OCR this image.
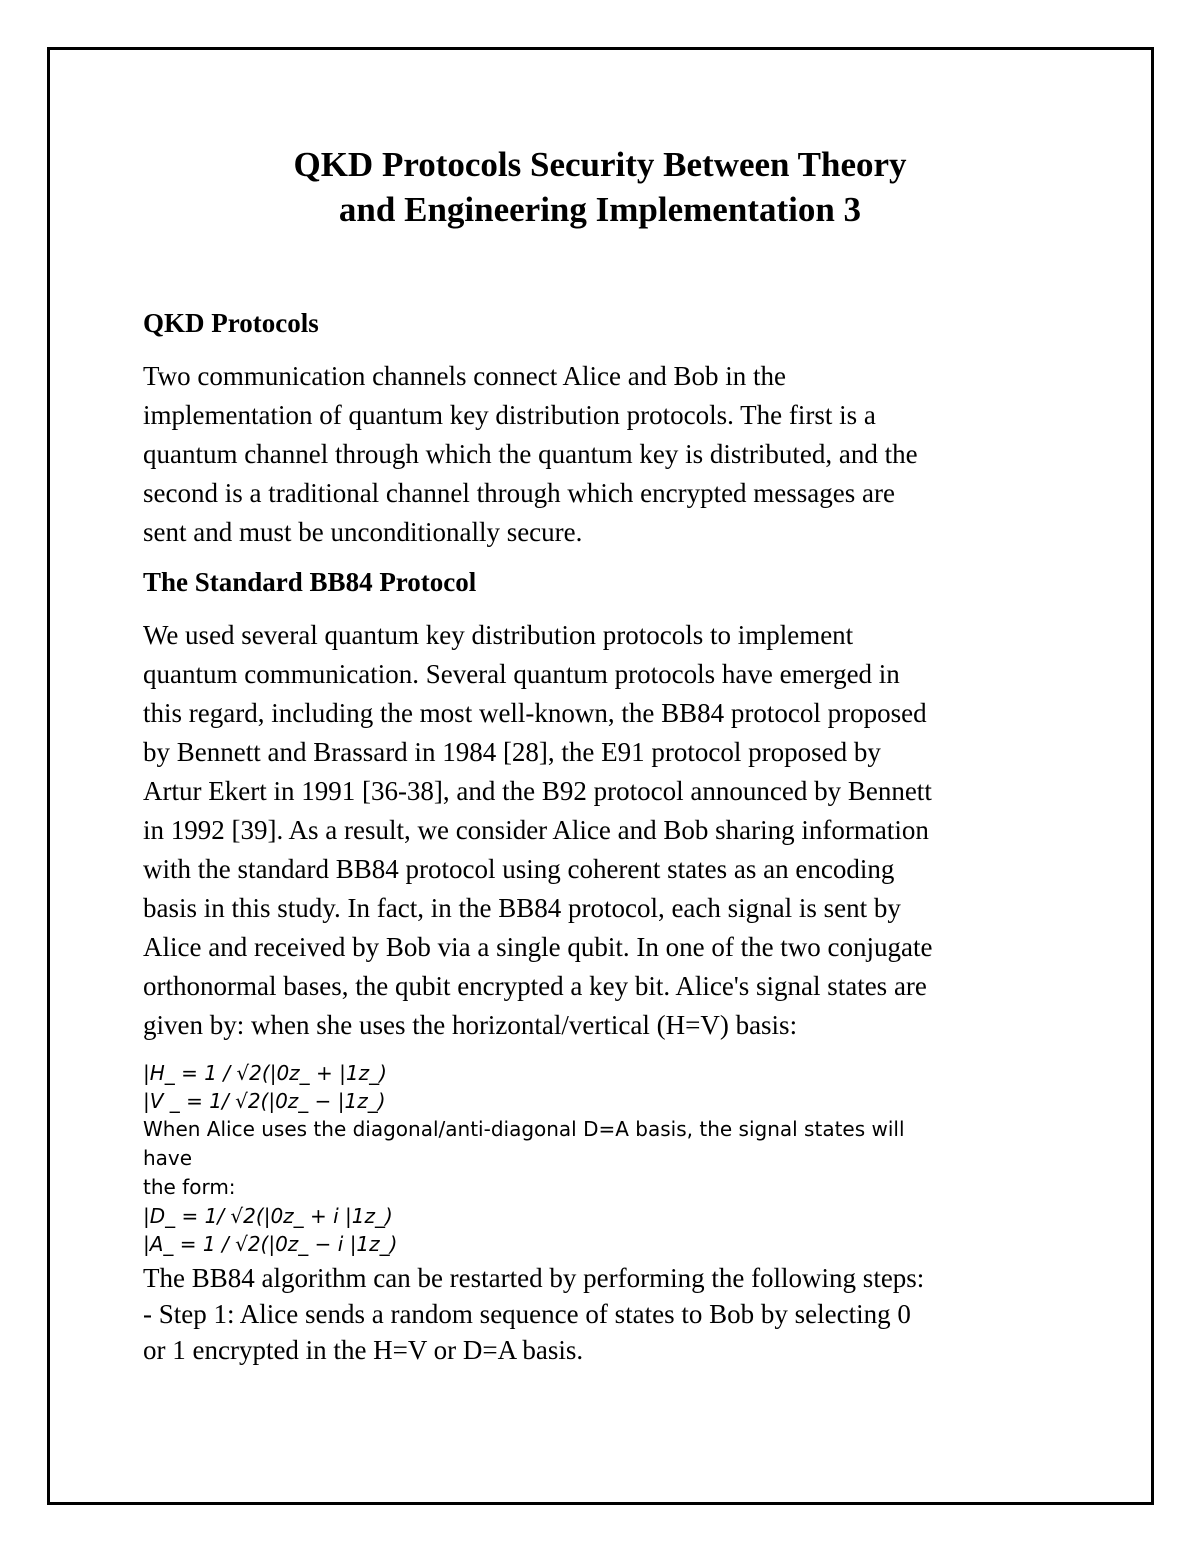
QKD Protocols Security Between Theory
and Engineering Implementation 3
QKD Protocols

Two communication channels connect Alice and Bob in the
implementation of quantum key distribution protocols. The first is a
quantum channel through which the quantum key is distributed, and the
second is a traditional channel through which encrypted messages are
sent and must be unconditionally secure.

The Standard BB84 Protocol

We used several quantum key distribution protocols to implement
quantum communication. Several quantum protocols have emerged in
this regard, including the most well-known, the BB84 protocol proposed
by Bennett and Brassard in 1984 [28], the E91 protocol proposed by
Artur Ekert in 1991 [36-38], and the B92 protocol announced by Bennett
in 1992 [39]. As a result, we consider Alice and Bob sharing information
with the standard BB84 protocol using coherent states as an encoding
basis in this study. In fact, in the BB84 protocol, each signal is sent by
Alice and received by Bob via a single qubit. In one of the two conjugate
orthonormal bases, the qubit encrypted a key bit. Alice's signal states are
given by: when she uses the horizontal/vertical (H=V) basis:

|H_ = 1 / √2(|0z_ + |1z_)
|V _ = 1/ √2(|0z_ − |1z_)

When Alice uses the diagonal/anti-diagonal D=A basis, the signal states will
have
the form:

|D_ = 1/ √2(|0z_ + i |1z_)
|A_ = 1 / √2(|0z_ − i |1z_)

The BB84 algorithm can be restarted by performing the following steps:
- Step 1: Alice sends a random sequence of states to Bob by selecting 0
or 1 encrypted in the H=V or D=A basis.
